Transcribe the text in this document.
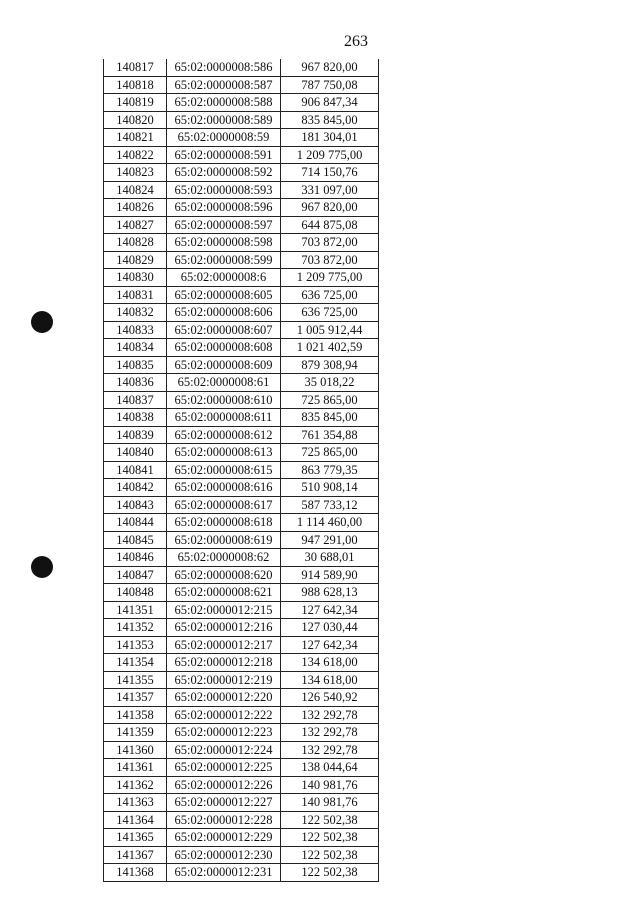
263
140817	65:02:0000008:586	967 820,00
140818	65:02:0000008:587	787 750,08
140819	65:02:0000008:588	906 847,34
140820	65:02:0000008:589	835 845,00
140821	65:02:0000008:59	181 304,01
140822	65:02:0000008:591	1 209 775,00
140823	65:02:0000008:592	714 150,76
140824	65:02:0000008:593	331 097,00
140826	65:02:0000008:596	967 820,00
140827	65:02:0000008:597	644 875,08
140828	65:02:0000008:598	703 872,00
140829	65:02:0000008:599	703 872,00
140830	65:02:0000008:6	1 209 775,00
140831	65:02:0000008:605	636 725,00
140832	65:02:0000008:606	636 725,00
140833	65:02:0000008:607	1 005 912,44
140834	65:02:0000008:608	1 021 402,59
140835	65:02:0000008:609	879 308,94
140836	65:02:0000008:61	35 018,22
140837	65:02:0000008:610	725 865,00
140838	65:02:0000008:611	835 845,00
140839	65:02:0000008:612	761 354,88
140840	65:02:0000008:613	725 865,00
140841	65:02:0000008:615	863 779,35
140842	65:02:0000008:616	510 908,14
140843	65:02:0000008:617	587 733,12
140844	65:02:0000008:618	1 114 460,00
140845	65:02:0000008:619	947 291,00
140846	65:02:0000008:62	30 688,01
140847	65:02:0000008:620	914 589,90
140848	65:02:0000008:621	988 628,13
141351	65:02:0000012:215	127 642,34
141352	65:02:0000012:216	127 030,44
141353	65:02:0000012:217	127 642,34
141354	65:02:0000012:218	134 618,00
141355	65:02:0000012:219	134 618,00
141357	65:02:0000012:220	126 540,92
141358	65:02:0000012:222	132 292,78
141359	65:02:0000012:223	132 292,78
141360	65:02:0000012:224	132 292,78
141361	65:02:0000012:225	138 044,64
141362	65:02:0000012:226	140 981,76
141363	65:02:0000012:227	140 981,76
141364	65:02:0000012:228	122 502,38
141365	65:02:0000012:229	122 502,38
141367	65:02:0000012:230	122 502,38
141368	65:02:0000012:231	122 502,38
